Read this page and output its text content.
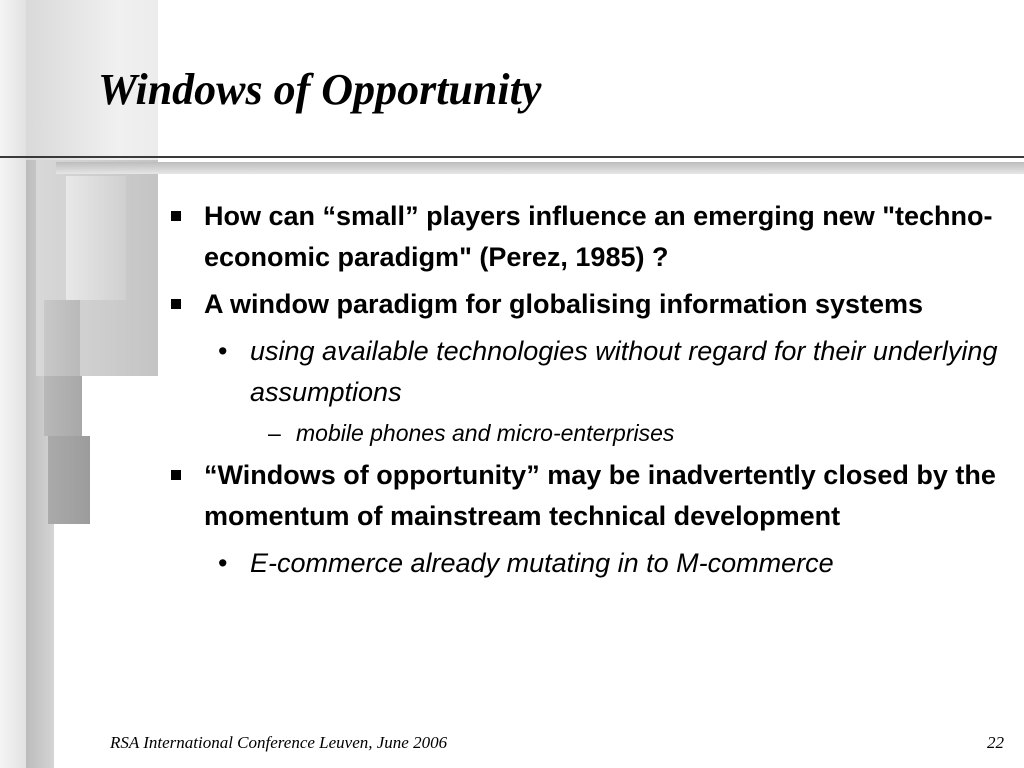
Windows of Opportunity
How can “small” players influence an emerging new "techno-economic paradigm" (Perez, 1985) ?
A window paradigm for globalising information systems
• using available technologies without regard for their underlying assumptions
– mobile phones and micro-enterprises
“Windows of opportunity” may be inadvertently closed by the momentum of mainstream technical development
• E-commerce already mutating in to M-commerce
RSA International Conference Leuven, June 2006	22
